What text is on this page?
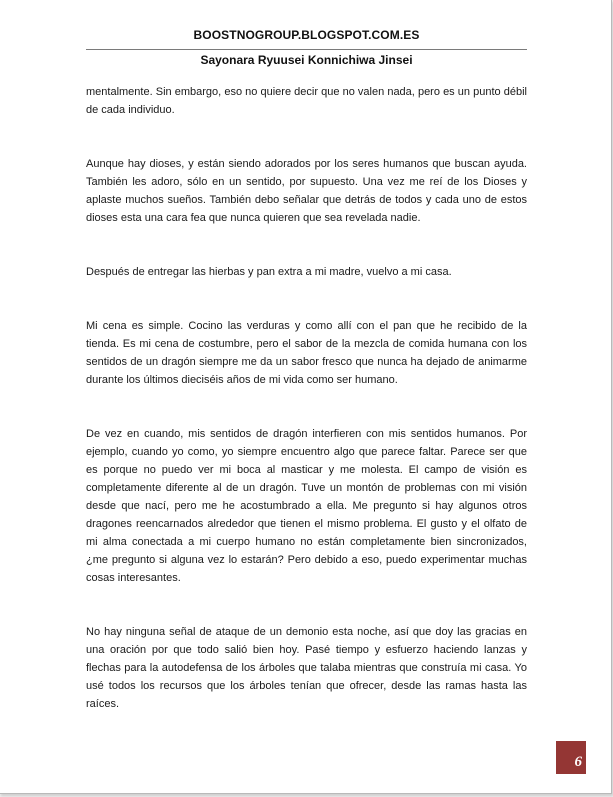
BOOSTNOGROUP.BLOGSPOT.COM.ES
Sayonara Ryuusei Konnichiwa Jinsei

mentalmente. Sin embargo, eso no quiere decir que no valen nada, pero es un punto débil de cada individuo.

Aunque hay dioses, y están siendo adorados por los seres humanos que buscan ayuda. También les adoro, sólo en un sentido, por supuesto. Una vez me reí de los Dioses y aplaste muchos sueños. También debo señalar que detrás de todos y cada uno de estos dioses esta una cara fea que nunca quieren que sea revelada nadie.

Después de entregar las hierbas y pan extra a mi madre, vuelvo a mi casa.

Mi cena es simple. Cocino las verduras y como allí con el pan que he recibido de la tienda. Es mi cena de costumbre, pero el sabor de la mezcla de comida humana con los sentidos de un dragón siempre me da un sabor fresco que nunca ha dejado de animarme durante los últimos dieciséis años de mi vida como ser humano.

De vez en cuando, mis sentidos de dragón interfieren con mis sentidos humanos. Por ejemplo, cuando yo como, yo siempre encuentro algo que parece faltar. Parece ser que es porque no puedo ver mi boca al masticar y me molesta. El campo de visión es completamente diferente al de un dragón. Tuve un montón de problemas con mi visión desde que nací, pero me he acostumbrado a ella. Me pregunto si hay algunos otros dragones reencarnados alrededor que tienen el mismo problema. El gusto y el olfato de mi alma conectada a mi cuerpo humano no están completamente bien sincronizados, ¿me pregunto si alguna vez lo estarán? Pero debido a eso, puedo experimentar muchas cosas interesantes.

No hay ninguna señal de ataque de un demonio esta noche, así que doy las gracias en una oración por que todo salió bien hoy. Pasé tiempo y esfuerzo haciendo lanzas y flechas para la autodefensa de los árboles que talaba mientras que construía mi casa. Yo usé todos los recursos que los árboles tenían que ofrecer, desde las ramas hasta las raíces.

6
